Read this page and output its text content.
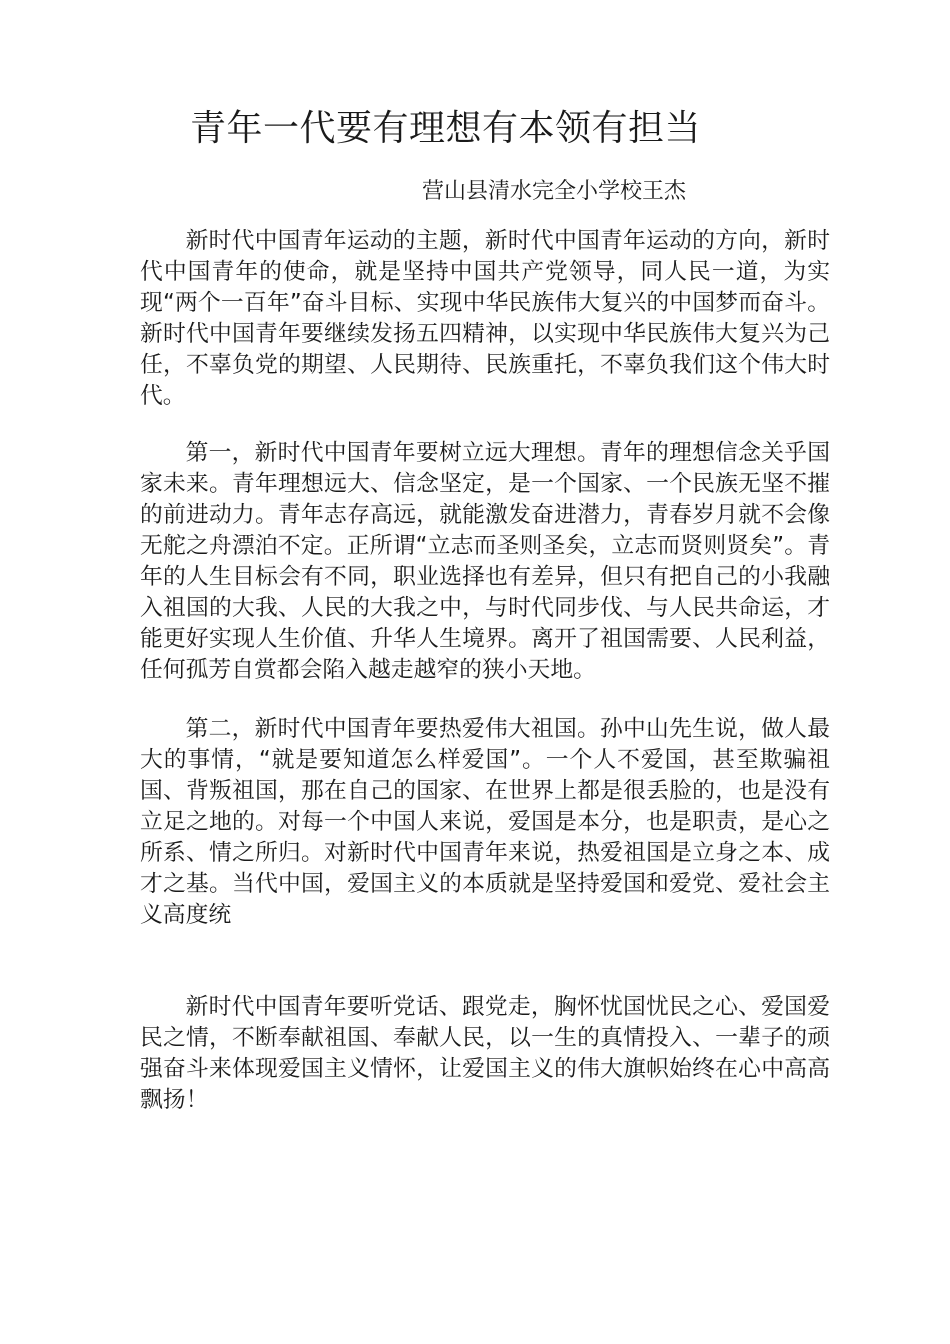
青年一代要有理想有本领有担当

营山县清水完全小学校王杰

新时代中国青年运动的主题，新时代中国青年运动的方向，新时代中国青年的使命，就是坚持中国共产党领导，同人民一道，为实现“两个一百年”奋斗目标、实现中华民族伟大复兴的中国梦而奋斗。新时代中国青年要继续发扬五四精神，以实现中华民族伟大复兴为己任，不辜负党的期望、人民期待、民族重托，不辜负我们这个伟大时代。

第一，新时代中国青年要树立远大理想。青年的理想信念关乎国家未来。青年理想远大、信念坚定，是一个国家、一个民族无坚不摧的前进动力。青年志存高远，就能激发奋进潜力，青春岁月就不会像无舵之舟漂泊不定。正所谓“立志而圣则圣矣，立志而贤则贤矣”。青年的人生目标会有不同，职业选择也有差异，但只有把自己的小我融入祖国的大我、人民的大我之中，与时代同步伐、与人民共命运，才能更好实现人生价值、升华人生境界。离开了祖国需要、人民利益，任何孤芳自赏都会陷入越走越窄的狭小天地。

第二，新时代中国青年要热爱伟大祖国。孙中山先生说，做人最大的事情，“就是要知道怎么样爱国”。一个人不爱国，甚至欺骗祖国、背叛祖国，那在自己的国家、在世界上都是很丢脸的，也是没有立足之地的。对每一个中国人来说，爱国是本分，也是职责，是心之所系、情之所归。对新时代中国青年来说，热爱祖国是立身之本、成才之基。当代中国，爱国主义的本质就是坚持爱国和爱党、爱社会主义高度统

新时代中国青年要听党话、跟党走，胸怀忧国忧民之心、爱国爱民之情，不断奉献祖国、奉献人民，以一生的真情投入、一辈子的顽强奋斗来体现爱国主义情怀，让爱国主义的伟大旗帜始终在心中高高飘扬！
